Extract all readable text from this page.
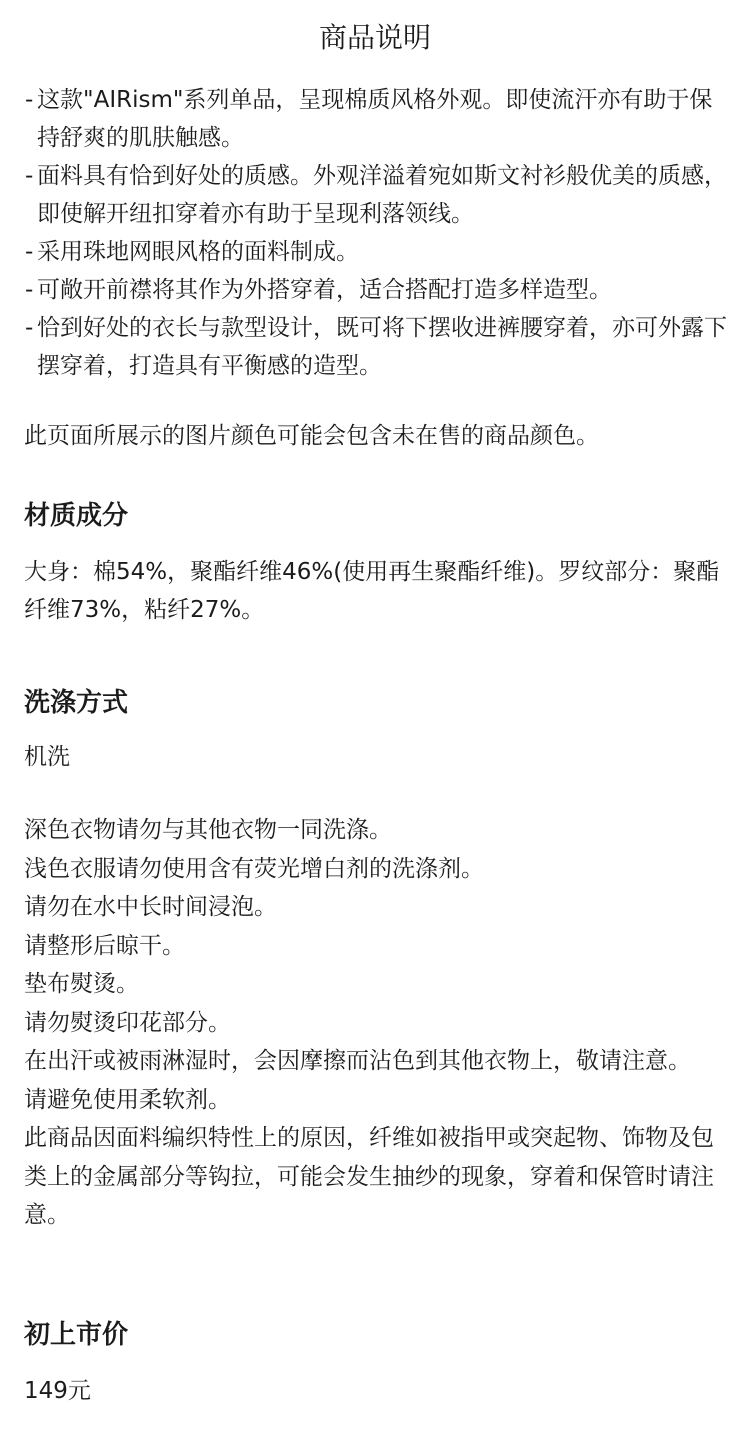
商品说明
- 这款"AIRism"系列单品，呈现棉质风格外观。即使流汗亦有助于保持舒爽的肌肤触感。
- 面料具有恰到好处的质感。外观洋溢着宛如斯文衬衫般优美的质感，即使解开纽扣穿着亦有助于呈现利落领线。
- 采用珠地网眼风格的面料制成。
- 可敞开前襟将其作为外搭穿着，适合搭配打造多样造型。
- 恰到好处的衣长与款型设计，既可将下摆收进裤腰穿着，亦可外露下摆穿着，打造具有平衡感的造型。
此页面所展示的图片颜色可能会包含未在售的商品颜色。
材质成分
大身：棉54%，聚酯纤维46%(使用再生聚酯纤维)。罗纹部分：聚酯纤维73%，粘纤27%。
洗涤方式
机洗
深色衣物请勿与其他衣物一同洗涤。
浅色衣服请勿使用含有荧光增白剂的洗涤剂。
请勿在水中长时间浸泡。
请整形后晾干。
垫布熨烫。
请勿熨烫印花部分。
在出汗或被雨淋湿时，会因摩擦而沾色到其他衣物上，敬请注意。
请避免使用柔软剂。
此商品因面料编织特性上的原因，纤维如被指甲或突起物、饰物及包类上的金属部分等钩拉，可能会发生抽纱的现象，穿着和保管时请注意。
初上市价
149元
